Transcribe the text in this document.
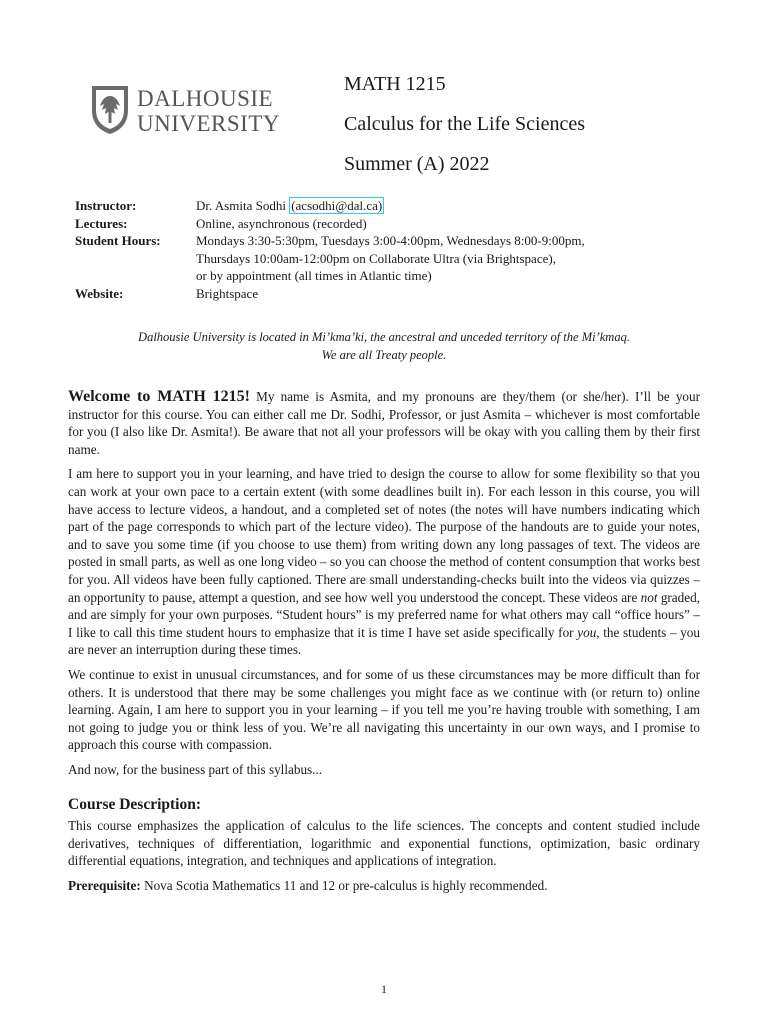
DALHOUSIE
UNIVERSITY
MATH 1215
Calculus for the Life Sciences
Summer (A) 2022
Instructor:	Dr. Asmita Sodhi (acsodhi@dal.ca)
Lectures:	Online, asynchronous (recorded)
Student Hours:	Mondays 3:30-5:30pm, Tuesdays 3:00-4:00pm, Wednesdays 8:00-9:00pm,
Thursdays 10:00am-12:00pm on Collaborate Ultra (via Brightspace),
or by appointment (all times in Atlantic time)
Website:	Brightspace
Dalhousie University is located in Mi’kma’ki, the ancestral and unceded territory of the Mi’kmaq.
We are all Treaty people.

Welcome to MATH 1215! My name is Asmita, and my pronouns are they/them (or she/her). I’ll be your instructor for this course. You can either call me Dr. Sodhi, Professor, or just Asmita – whichever is most comfortable for you (I also like Dr. Asmita!). Be aware that not all your professors will be okay with you calling them by their first name.

I am here to support you in your learning, and have tried to design the course to allow for some flexibility so that you can work at your own pace to a certain extent (with some deadlines built in). For each lesson in this course, you will have access to lecture videos, a handout, and a completed set of notes (the notes will have numbers indicating which part of the page corresponds to which part of the lecture video). The purpose of the handouts are to guide your notes, and to save you some time (if you choose to use them) from writing down any long passages of text. The videos are posted in small parts, as well as one long video – so you can choose the method of content consumption that works best for you. All videos have been fully captioned. There are small understanding-checks built into the videos via quizzes – an opportunity to pause, attempt a question, and see how well you understood the concept. These videos are not graded, and are simply for your own purposes. “Student hours” is my preferred name for what others may call “office hours” – I like to call this time student hours to emphasize that it is time I have set aside specifically for you, the students – you are never an interruption during these times.

We continue to exist in unusual circumstances, and for some of us these circumstances may be more difficult than for others. It is understood that there may be some challenges you might face as we continue with (or return to) online learning. Again, I am here to support you in your learning – if you tell me you’re having trouble with something, I am not going to judge you or think less of you. We’re all navigating this uncertainty in our own ways, and I promise to approach this course with compassion.

And now, for the business part of this syllabus...

Course Description:

This course emphasizes the application of calculus to the life sciences. The concepts and content studied include derivatives, techniques of differentiation, logarithmic and exponential functions, optimization, basic ordinary differential equations, integration, and techniques and applications of integration.

Prerequisite: Nova Scotia Mathematics 11 and 12 or pre-calculus is highly recommended.

1
